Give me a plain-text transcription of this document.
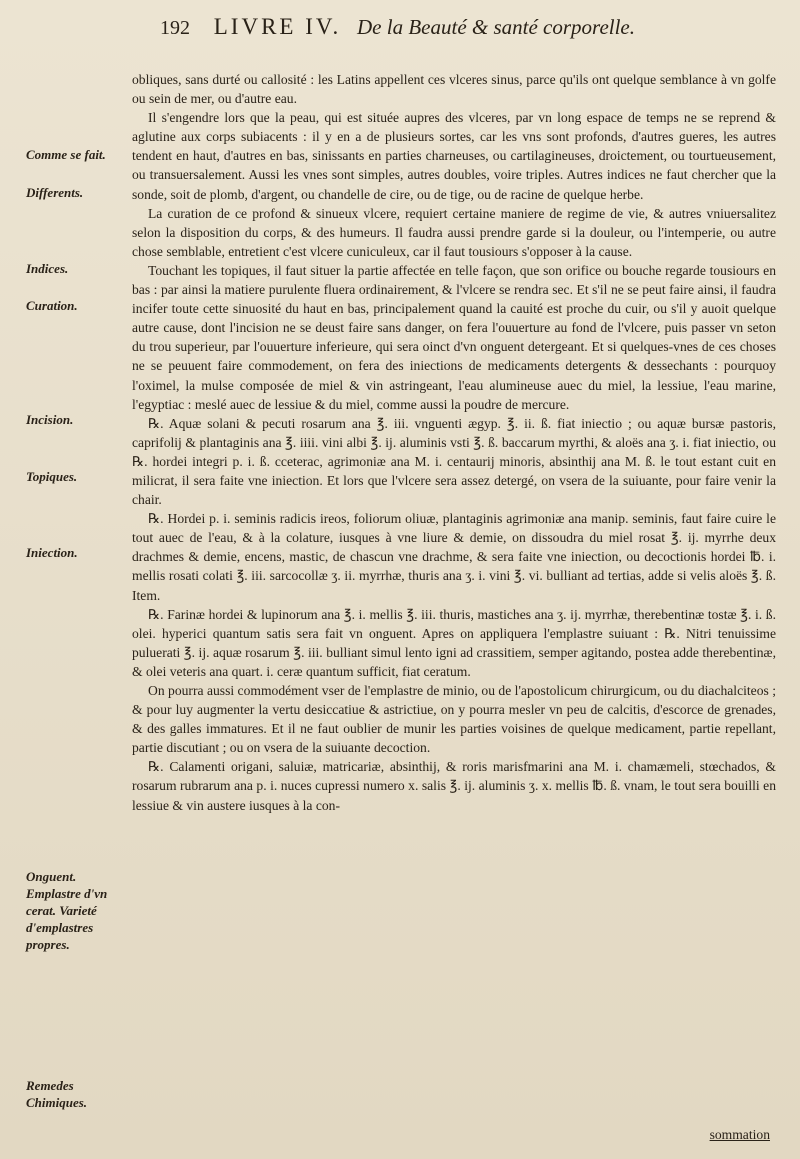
192 LIVRE IV. De la Beauté & santé corporelle.
Comme se fait.
Differents.
Indices.
Curation.
Incision.
Topiques.
Iniection.
Onguent. Emplastre d'vn cerat. Varieté d'emplastres propres.
Remedes Chimiques.

obliques, sans durté ou callosité : les Latins appellent ces vlceres sinus, parce qu'ils ont quelque semblance à vn golfe ou sein de mer, ou d'autre eau.

Il s'engendre lors que la peau, qui est située aupres des vlceres, par vn long espace de temps ne se reprend & aglutine aux corps subiacents : il y en a de plusieurs sortes, car les vns sont profonds, d'autres gueres, les autres tendent en haut, d'autres en bas, sinissants en parties charneuses, ou cartilagineuses, droictement, ou tourtueusement, ou transuersalement. Aussi les vnes sont simples, autres doubles, voire triples. Autres indices ne faut chercher que la sonde, soit de plomb, d'argent, ou chandelle de cire, ou de tige, ou de racine de quelque herbe.

La curation de ce profond & sinueux vlcere, requiert certaine maniere de regime de vie, & autres vniuersalitez selon la disposition du corps, & des humeurs. Il faudra aussi prendre garde si la douleur, ou l'intemperie, ou autre chose semblable, entretient c'est vlcere cuniculeux, car il faut tousiours s'opposer à la cause.

Touchant les topiques, il faut situer la partie affectée en telle façon, que son orifice ou bouche regarde tousiours en bas : par ainsi la matiere purulente fluera ordinairement, & l'vlcere se rendra sec. Et s'il ne se peut faire ainsi, il faudra incifer toute cette sinuosité du haut en bas, principalement quand la cauité est proche du cuir, ou s'il y auoit quelque autre cause, dont l'incision ne se deust faire sans danger, on fera l'ouuerture au fond de l'vlcere, puis passer vn seton du trou superieur, par l'ouuerture inferieure, qui sera oinct d'vn onguent detergeant. Et si quelques-vnes de ces choses ne se peuuent faire commodement, on fera des iniections de medicaments detergents & dessechants : pourquoy l'oximel, la mulse composée de miel & vin astringeant, l'eau alumineuse auec du miel, la lessiue, l'eau marine, l'egyptiac : meslé auec de lessiue & du miel, comme aussi la poudre de mercure.

℞. Aquæ solani & pecuti rosarum ana ℥. iii. vnguenti ægyp. ℥. ii. ß. fiat iniectio ; ou aquæ bursæ pastoris, caprifolij & plantaginis ana ℥. iiii. vini albi ℥. ij. aluminis vsti ℥. ß. baccarum myrthi, & aloës ana ʒ. i. fiat iniectio, ou ℞. hordei integri p. i. ß. cceterac, agrimoniæ ana M. i. centaurij minoris, absinthij ana M. ß. le tout estant cuit en milicrat, il sera faite vne iniection. Et lors que l'vlcere sera assez detergé, on vsera de la suiuante, pour faire venir la chair.

℞. Hordei p. i. seminis radicis ireos, foliorum oliuæ, plantaginis agrimoniæ ana manip. seminis, faut faire cuire le tout auec de l'eau, & à la colature, iusques à vne liure & demie, on dissoudra du miel rosat ℥. ij. myrrhe deux drachmes & demie, encens, mastic, de chascun vne drachme, & sera faite vne iniection, ou decoctionis hordei ℔. i. mellis rosati colati ℥. iii. sarcocollæ ʒ. ii. myrrhæ, thuris ana ʒ. i. vini ℥. vi. bulliant ad tertias, adde si velis aloës ℥. ß. Item.

℞. Farinæ hordei & lupinorum ana ℥. i. mellis ℥. iii. thuris, mastiches ana ʒ. ij. myrrhæ, therebentinæ tostæ ℥. i. ß. olei. hyperici quantum satis sera fait vn onguent. Apres on appliquera l'emplastre suiuant : ℞. Nitri tenuissime puluerati ℥. ij. aquæ rosarum ℥. iii. bulliant simul lento igni ad crassitiem, semper agitando, postea adde therebentinæ, & olei veteris ana quart. i. ceræ quantum sufficit, fiat ceratum.

On pourra aussi commodément vser de l'emplastre de minio, ou de l'apostolicum chirurgicum, ou du diachalciteos ; & pour luy augmenter la vertu desiccatiue & astrictiue, on y pourra mesler vn peu de calcitis, d'escorce de grenades, & des galles immatures. Et il ne faut oublier de munir les parties voisines de quelque medicament, partie repellant, partie discutiant ; ou on vsera de la suiuante decoction.

℞. Calamenti origani, saluiæ, matricariæ, absinthij, & roris marisfmarini ana M. i. chamæmeli, stœchados, & rosarum rubrarum ana p. i. nuces cupressi numero x. salis ℥. ij. aluminis ʒ. x. mellis ℔. ß. vnam, le tout sera bouilli en lessiue & vin austere iusques à la con-

sommation
